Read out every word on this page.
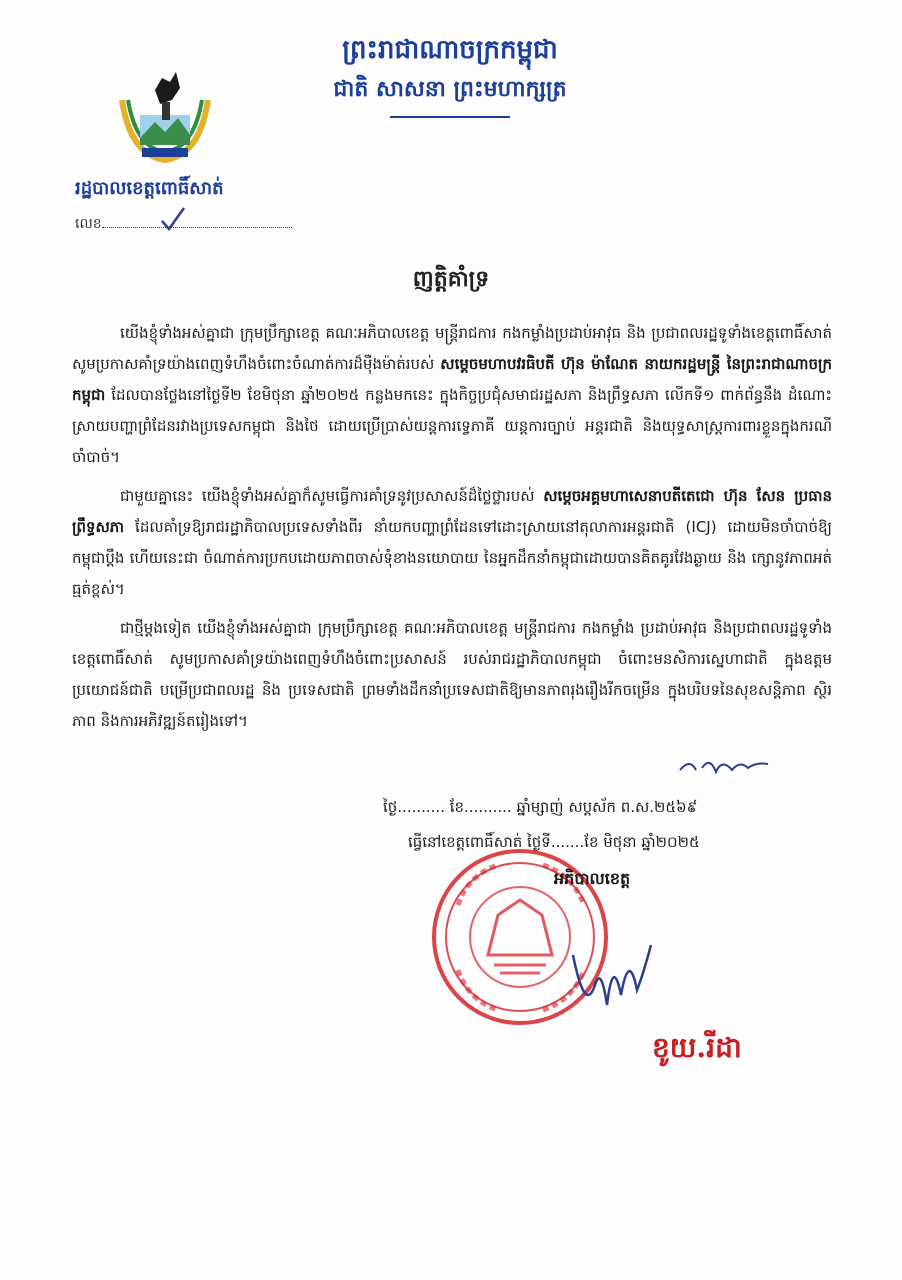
ព្រះរាជាណាចក្រកម្ពុជា
ជាតិ សាសនា ព្រះមហាក្សត្រ
រដ្ឋបាលខេត្តពោធិ៍សាត់
លេខ
ញត្តិគាំទ្រ

យើងខ្ញុំទាំងអស់គ្នាជា ក្រុមប្រឹក្សាខេត្ត គណៈអភិបាលខេត្ត មន្ត្រីរាជការ កងកម្លាំងប្រដាប់អាវុធ និង ប្រជាពលរដ្ឋទូទាំងខេត្តពោធិ៍សាត់ សូមប្រកាសគាំទ្រយ៉ាងពេញទំហឹងចំពោះចំណាត់ការដ៏ម៉ឺងម៉ាត់របស់ សម្តេចមហាបវរធិបតី ហ៊ុន ម៉ាណែត នាយករដ្ឋមន្ត្រី នៃព្រះរាជាណាចក្រកម្ពុជា ដែលបានថ្លែងនៅថ្ងៃទី២ ខែមិថុនា ឆ្នាំ២០២៥ កន្លងមកនេះ ក្នុងកិច្ចប្រជុំសមាជរដ្ឋសភា និងព្រឹទ្ធសភា លើកទី១ ពាក់ព័ន្ធនឹង ដំណោះស្រាយបញ្ហាព្រំដែនរវាងប្រទេសកម្ពុជា និងថៃ ដោយប្រើប្រាស់យន្តការទ្វេភាគី យន្តការច្បាប់ អន្តរជាតិ និងយុទ្ធសាស្ត្រការពារខ្លួនក្នុងករណីចាំបាច់។

ជាមួយគ្នានេះ យើងខ្ញុំទាំងអស់គ្នាក៏សូមធ្វើការគាំទ្រនូវប្រសាសន៍ដ៏ថ្លៃថ្លារបស់ សម្តេចអគ្គមហាសេនាបតីតេជោ ហ៊ុន សែន ប្រធានព្រឹទ្ធសភា ដែលគាំទ្រឱ្យរាជរដ្ឋាភិបាលប្រទេសទាំងពីរ នាំយកបញ្ហាព្រំដែនទៅដោះស្រាយនៅតុលាការអន្តរជាតិ (ICJ) ដោយមិនចាំបាច់ឱ្យកម្ពុជាប្តឹង ហើយនេះជា ចំណាត់ការប្រកបដោយភាពចាស់ទុំខាងនយោបាយ នៃអ្នកដឹកនាំកម្ពុជាដោយបានគិតគូរវែងឆ្ងាយ និង ក្សោនូវភាពអត់ធ្មត់ខ្ពស់។

ជាថ្មីម្តងទៀត យើងខ្ញុំទាំងអស់គ្នាជា ក្រុមប្រឹក្សាខេត្ត គណៈអភិបាលខេត្ត មន្ត្រីរាជការ កងកម្លាំង ប្រដាប់អាវុធ និងប្រជាពលរដ្ឋទូទាំងខេត្តពោធិ៍សាត់ សូមប្រកាសគាំទ្រយ៉ាងពេញទំហឹងចំពោះប្រសាសន៍ របស់រាជរដ្ឋាភិបាលកម្ពុជា ចំពោះមនសិការស្នេហាជាតិ ក្នុងឧត្តមប្រយោជន៍ជាតិ បម្រើប្រជាពលរដ្ឋ និង ប្រទេសជាតិ ព្រមទាំងដឹកនាំប្រទេសជាតិឱ្យមានភាពរុងរឿងរីកចម្រើន ក្នុងបរិបទនៃសុខសន្តិភាព ស្ថិរភាព និងការអភិវឌ្ឍន៍តរៀងទៅ។

ថ្ងៃ.......... ខែ.......... ឆ្នាំម្សាញ់ សប្តស័ក ព.ស.២៥៦៩
ធ្វើនៅខេត្តពោធិ៍សាត់ ថ្ងៃទី.......ខែ មិថុនា ឆ្នាំ២០២៥
អភិបាលខេត្ត
ខូយ.រីដា
